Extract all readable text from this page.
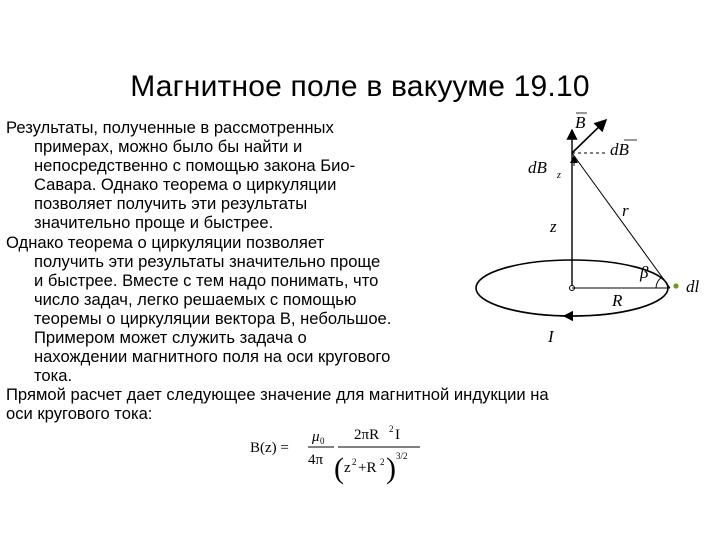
Магнитное поле в вакууме 19.10
Результаты, полученные в рассмотренных
примерах, можно было бы найти и
непосредственно с помощью закона Био-
Савара. Однако теорема о циркуляции
позволяет получить эти результаты
значительно проще и быстрее.
Однако теорема о циркуляции позволяет
получить эти результаты значительно проще
и быстрее. Вместе с тем надо понимать, что
число задач, легко решаемых с помощью
теоремы о циркуляции вектора В, небольшое.
Примером может служить задача о
нахождении магнитного поля на оси кругового
тока.
Прямой расчет дает следующее значение для магнитной индукции на
оси кругового тока:
B(z) =
μ 0
4π
2πR 2 I
( z 2 +R 2 ) 3/2
B
dB
dB z
z
r
β
R
I
dl
